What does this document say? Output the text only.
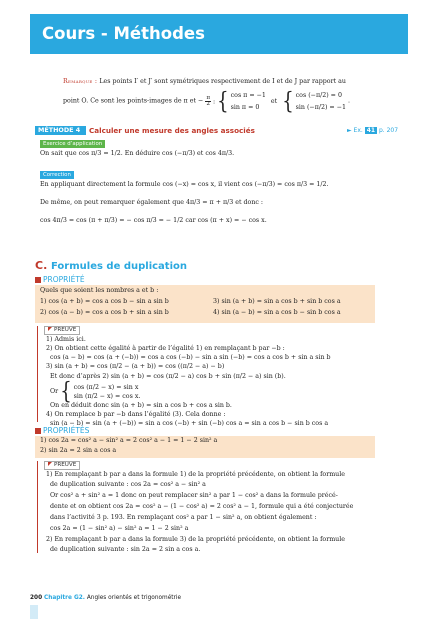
Cours - Méthodes
Remarque : Les points I′ et J′ sont symétriques respectivement de I et de J par rapport au
point O. Ce sont les points-images de π et − $\frac{\pi}{2}$ : { cos π = −1
sin π = 0
et { cos (−π/2) = 0
sin (−π/2) = −1
.
MÉTHODE 4	Calculer une mesure des angles associés	► Ex. 41 p. 207
Exercice d’application
On sait que cos π/3 = 1/2. En déduire cos (−π/3) et cos 4π/3.
Correction
En appliquant directement la formule cos (−x) = cos x, il vient cos (−π/3) = cos π/3 = 1/2.
De même, on peut remarquer également que 4π/3 = π + π/3 et donc :
cos 4π/3 = cos (π + π/3) = − cos π/3 = − 1/2 car cos (π + x) = − cos x.
C. Formules de duplication
PROPRIÉTÉ
Quels que soient les nombres a et b :
1) cos (a + b) = cos a cos b − sin a sin b
2) cos (a − b) = cos a cos b + sin a sin b
3) sin (a + b) = sin a cos b + sin b cos a
4) sin (a − b) = sin a cos b − sin b cos a
PREUVE
1) Admis ici.
2) On obtient cette égalité à partir de l’égalité 1) en remplaçant b par −b :
cos (a − b) = cos (a + (−b)) = cos a cos (−b) − sin a sin (−b) = cos a cos b + sin a sin b
3) sin (a + b) = cos (π/2 − (a + b)) = cos ((π/2 − a) − b)
Et donc d’après 2) sin (a + b) = cos (π/2 − a) cos b + sin (π/2 − a) sin (b).
Or { cos (π/2 − x) = sin x
sin (π/2 − x) = cos x.
On en déduit donc sin (a + b) = sin a cos b + cos a sin b.
4) On remplace b par −b dans l’égalité (3). Cela donne :
sin (a − b) = sin (a + (−b)) = sin a cos (−b) + sin (−b) cos a = sin a cos b − sin b cos a
PROPRIÉTÉS
1) cos 2a = cos² a − sin² a = 2 cos² a − 1 = 1 − 2 sin² a
2) sin 2a = 2 sin a cos a
PREUVE
1) En remplaçant b par a dans la formule 1) de la propriété précédente, on obtient la formule
de duplication suivante : cos 2a = cos² a − sin² a
Or cos² a + sin² a = 1 donc on peut remplacer sin² a par 1 − cos² a dans la formule précé-
dente et on obtient cos 2a = cos² a − (1 − cos² a) = 2 cos² a − 1, formule qui a été conjecturée
dans l’activité 3 p. 193. En remplaçant cos² a par 1 − sin² a, on obtient également :
cos 2a = (1 − sin² a) − sin² a = 1 − 2 sin² a
2) En remplaçant b par a dans la formule 3) de la propriété précédente, on obtient la formule
de duplication suivante : sin 2a = 2 sin a cos a.
200 Chapitre G2. Angles orientés et trigonométrie
